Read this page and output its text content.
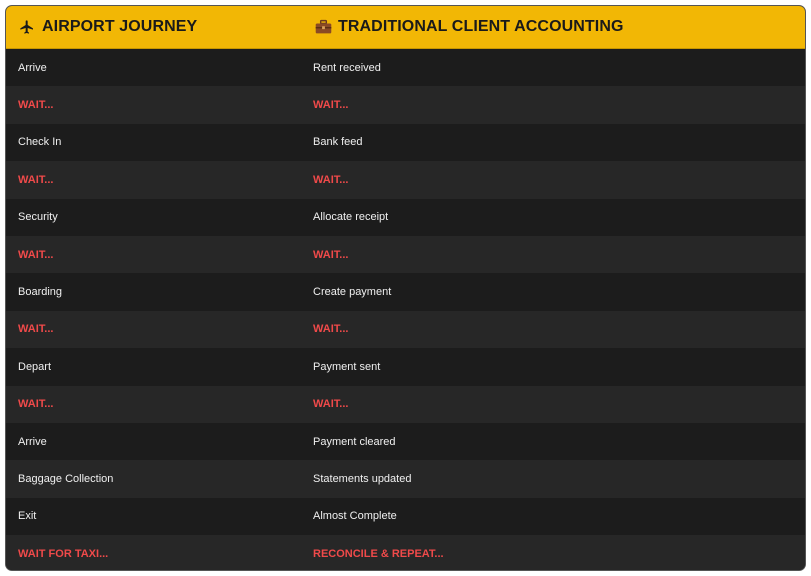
AIRPORT JOURNEY	TRADITIONAL CLIENT ACCOUNTING
Arrive	Rent received
WAIT...	WAIT...
Check In	Bank feed
WAIT...	WAIT...
Security	Allocate receipt
WAIT...	WAIT...
Boarding	Create payment
WAIT...	WAIT...
Depart	Payment sent
WAIT...	WAIT...
Arrive	Payment cleared
Baggage Collection	Statements updated
Exit	Almost Complete
WAIT FOR TAXI...	RECONCILE & REPEAT...
